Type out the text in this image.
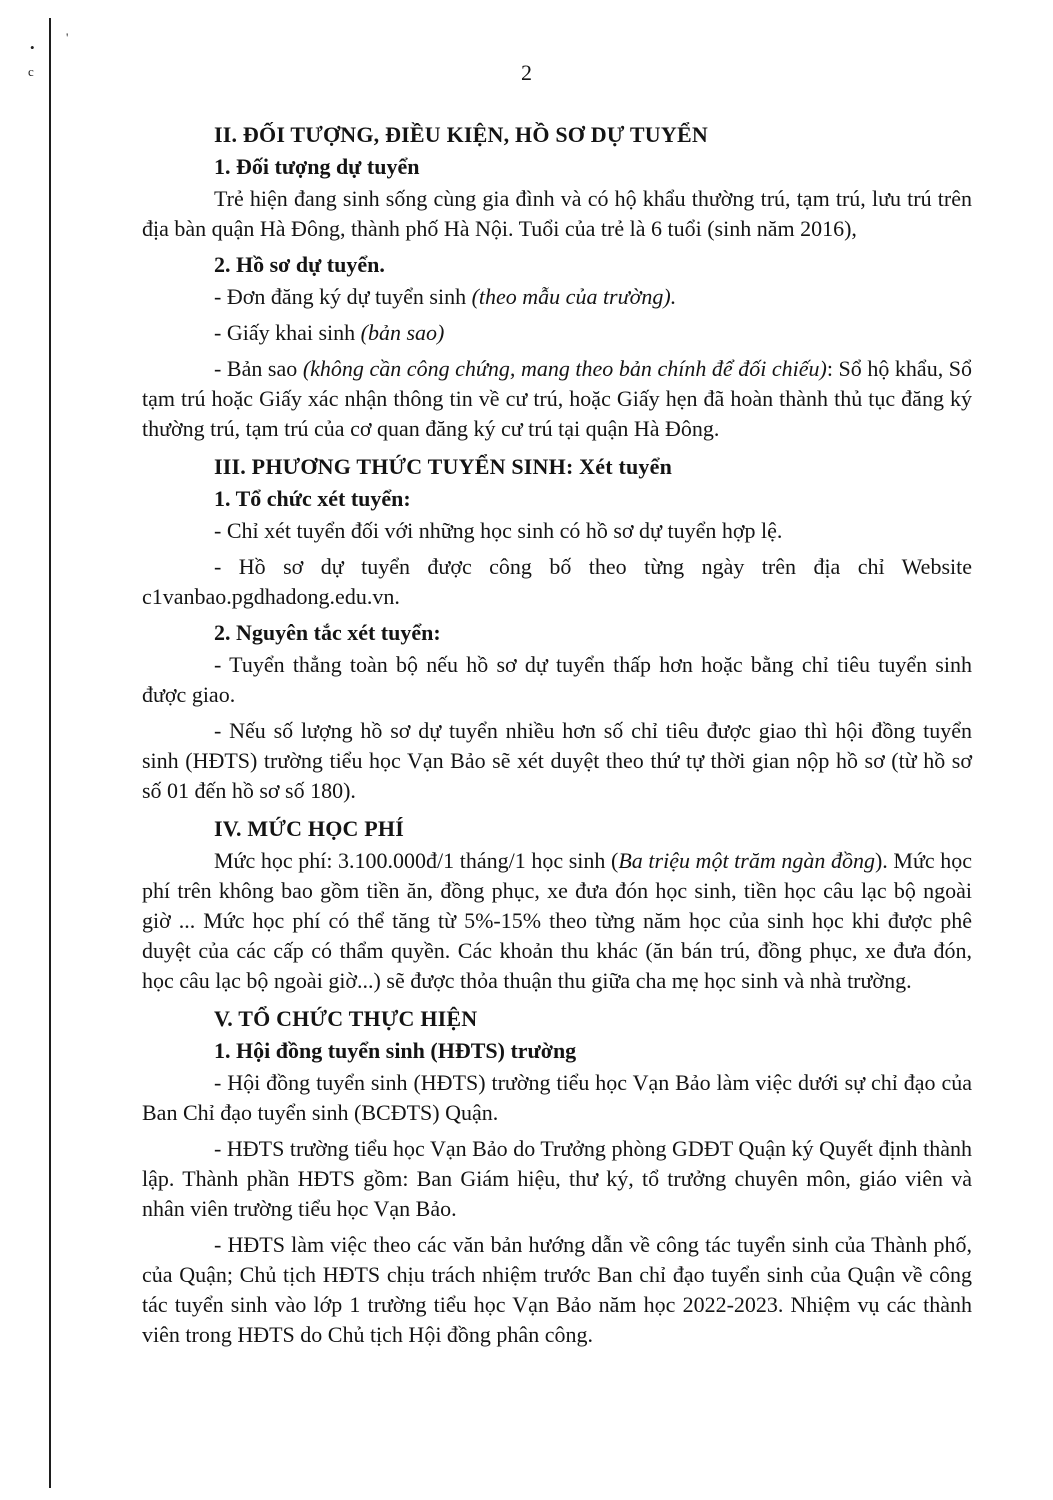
•
'
c	2
II. ĐỐI TƯỢNG, ĐIỀU KIỆN, HỒ SƠ DỰ TUYỂN
1. Đối tượng dự tuyển

Trẻ hiện đang sinh sống cùng gia đình và có hộ khẩu thường trú, tạm trú, lưu trú trên địa bàn quận Hà Đông, thành phố Hà Nội. Tuổi của trẻ là 6 tuổi (sinh năm 2016),

2. Hồ sơ dự tuyển.

- Đơn đăng ký dự tuyển sinh (theo mẫu của trường).

- Giấy khai sinh (bản sao)

- Bản sao (không cần công chứng, mang theo bản chính để đối chiếu): Sổ hộ khẩu, Sổ tạm trú hoặc Giấy xác nhận thông tin về cư trú, hoặc Giấy hẹn đã hoàn thành thủ tục đăng ký thường trú, tạm trú của cơ quan đăng ký cư trú tại quận Hà Đông.

III. PHƯƠNG THỨC TUYỂN SINH: Xét tuyển
1. Tổ chức xét tuyển:

- Chỉ xét tuyển đối với những học sinh có hồ sơ dự tuyển hợp lệ.

- Hồ sơ dự tuyển được công bố theo từng ngày trên địa chỉ Website c1vanbao.pgdhadong.edu.vn.

2. Nguyên tắc xét tuyển:

- Tuyển thẳng toàn bộ nếu hồ sơ dự tuyển thấp hơn hoặc bằng chỉ tiêu tuyển sinh được giao.

- Nếu số lượng hồ sơ dự tuyển nhiều hơn số chỉ tiêu được giao thì hội đồng tuyển sinh (HĐTS) trường tiểu học Vạn Bảo sẽ xét duyệt theo thứ tự thời gian nộp hồ sơ (từ hồ sơ số 01 đến hồ sơ số 180).

IV. MỨC HỌC PHÍ

Mức học phí: 3.100.000đ/1 tháng/1 học sinh (Ba triệu một trăm ngàn đồng). Mức học phí trên không bao gồm tiền ăn, đồng phục, xe đưa đón học sinh, tiền học câu lạc bộ ngoài giờ ... Mức học phí có thể tăng từ 5%-15% theo từng năm học của sinh học khi được phê duyệt của các cấp có thẩm quyền. Các khoản thu khác (ăn bán trú, đồng phục, xe đưa đón, học câu lạc bộ ngoài giờ...) sẽ được thỏa thuận thu giữa cha mẹ học sinh và nhà trường.

V. TỔ CHỨC THỰC HIỆN
1. Hội đồng tuyển sinh (HĐTS) trường

- Hội đồng tuyển sinh (HĐTS) trường tiểu học Vạn Bảo làm việc dưới sự chỉ đạo của Ban Chỉ đạo tuyển sinh (BCĐTS) Quận.

- HĐTS trường tiểu học Vạn Bảo do Trưởng phòng GDĐT Quận ký Quyết định thành lập. Thành phần HĐTS gồm: Ban Giám hiệu, thư ký, tổ trưởng chuyên môn, giáo viên và nhân viên trường tiểu học Vạn Bảo.

- HĐTS làm việc theo các văn bản hướng dẫn về công tác tuyển sinh của Thành phố, của Quận; Chủ tịch HĐTS chịu trách nhiệm trước Ban chỉ đạo tuyển sinh của Quận về công tác tuyển sinh vào lớp 1 trường tiểu học Vạn Bảo năm học 2022-2023. Nhiệm vụ các thành viên trong HĐTS do Chủ tịch Hội đồng phân công.
